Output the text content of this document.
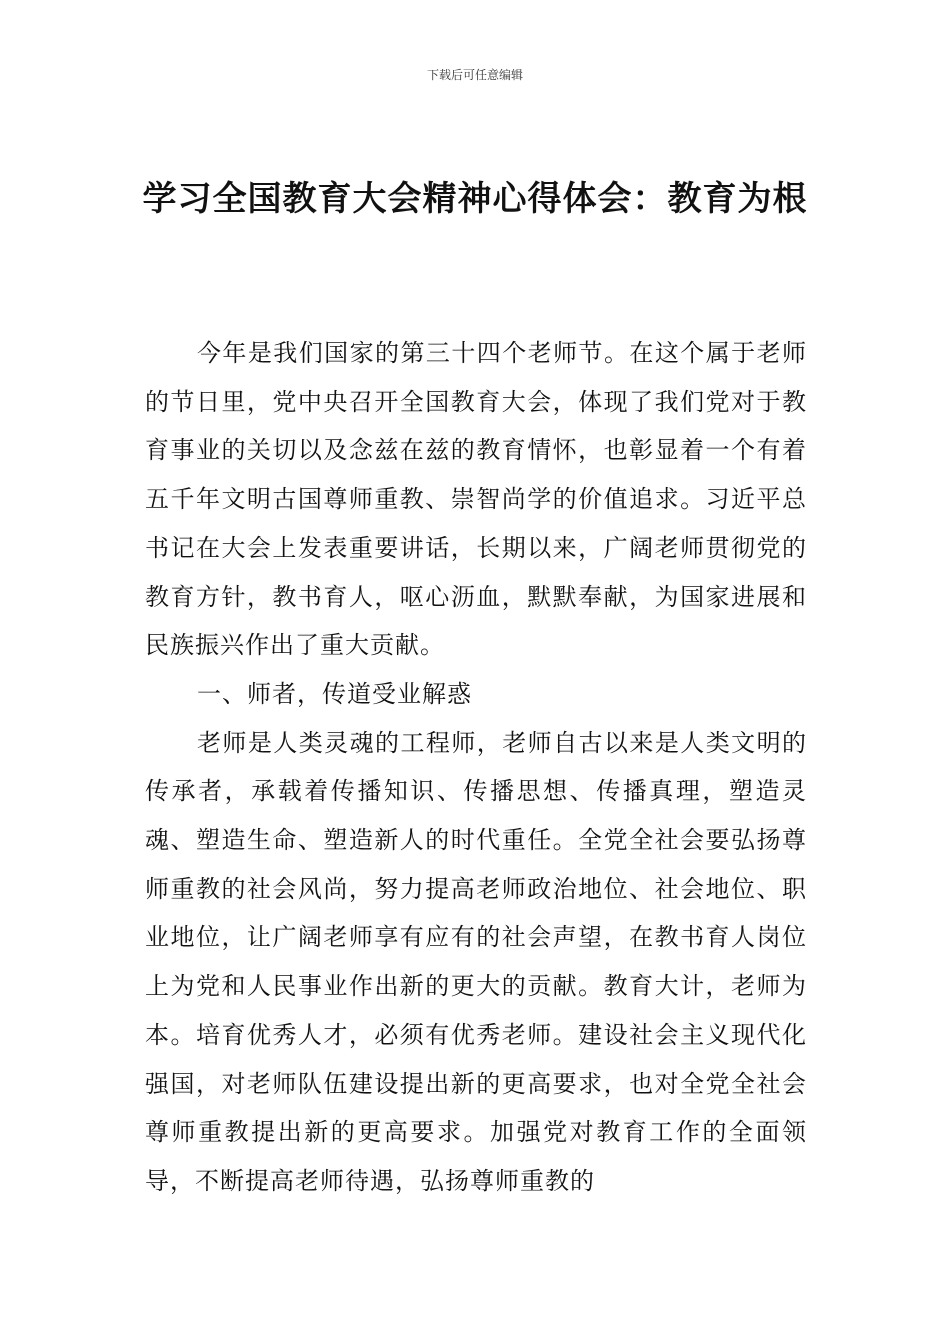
下载后可任意编辑
学习全国教育大会精神心得体会：教育为根

今年是我们国家的第三十四个老师节。在这个属于老师的节日里，党中央召开全国教育大会，体现了我们党对于教育事业的关切以及念兹在兹的教育情怀，也彰显着一个有着五千年文明古国尊师重教、崇智尚学的价值追求。习近平总书记在大会上发表重要讲话，长期以来，广阔老师贯彻党的教育方针，教书育人，呕心沥血，默默奉献，为国家进展和民族振兴作出了重大贡献。

一、师者，传道受业解惑

老师是人类灵魂的工程师，老师自古以来是人类文明的传承者，承载着传播知识、传播思想、传播真理，塑造灵魂、塑造生命、塑造新人的时代重任。全党全社会要弘扬尊师重教的社会风尚，努力提高老师政治地位、社会地位、职业地位，让广阔老师享有应有的社会声望，在教书育人岗位上为党和人民事业作出新的更大的贡献。教育大计，老师为本。培育优秀人才，必须有优秀老师。建设社会主义现代化强国，对老师队伍建设提出新的更高要求，也对全党全社会尊师重教提出新的更高要求。加强党对教育工作的全面领导，不断提高老师待遇，弘扬尊师重教的
